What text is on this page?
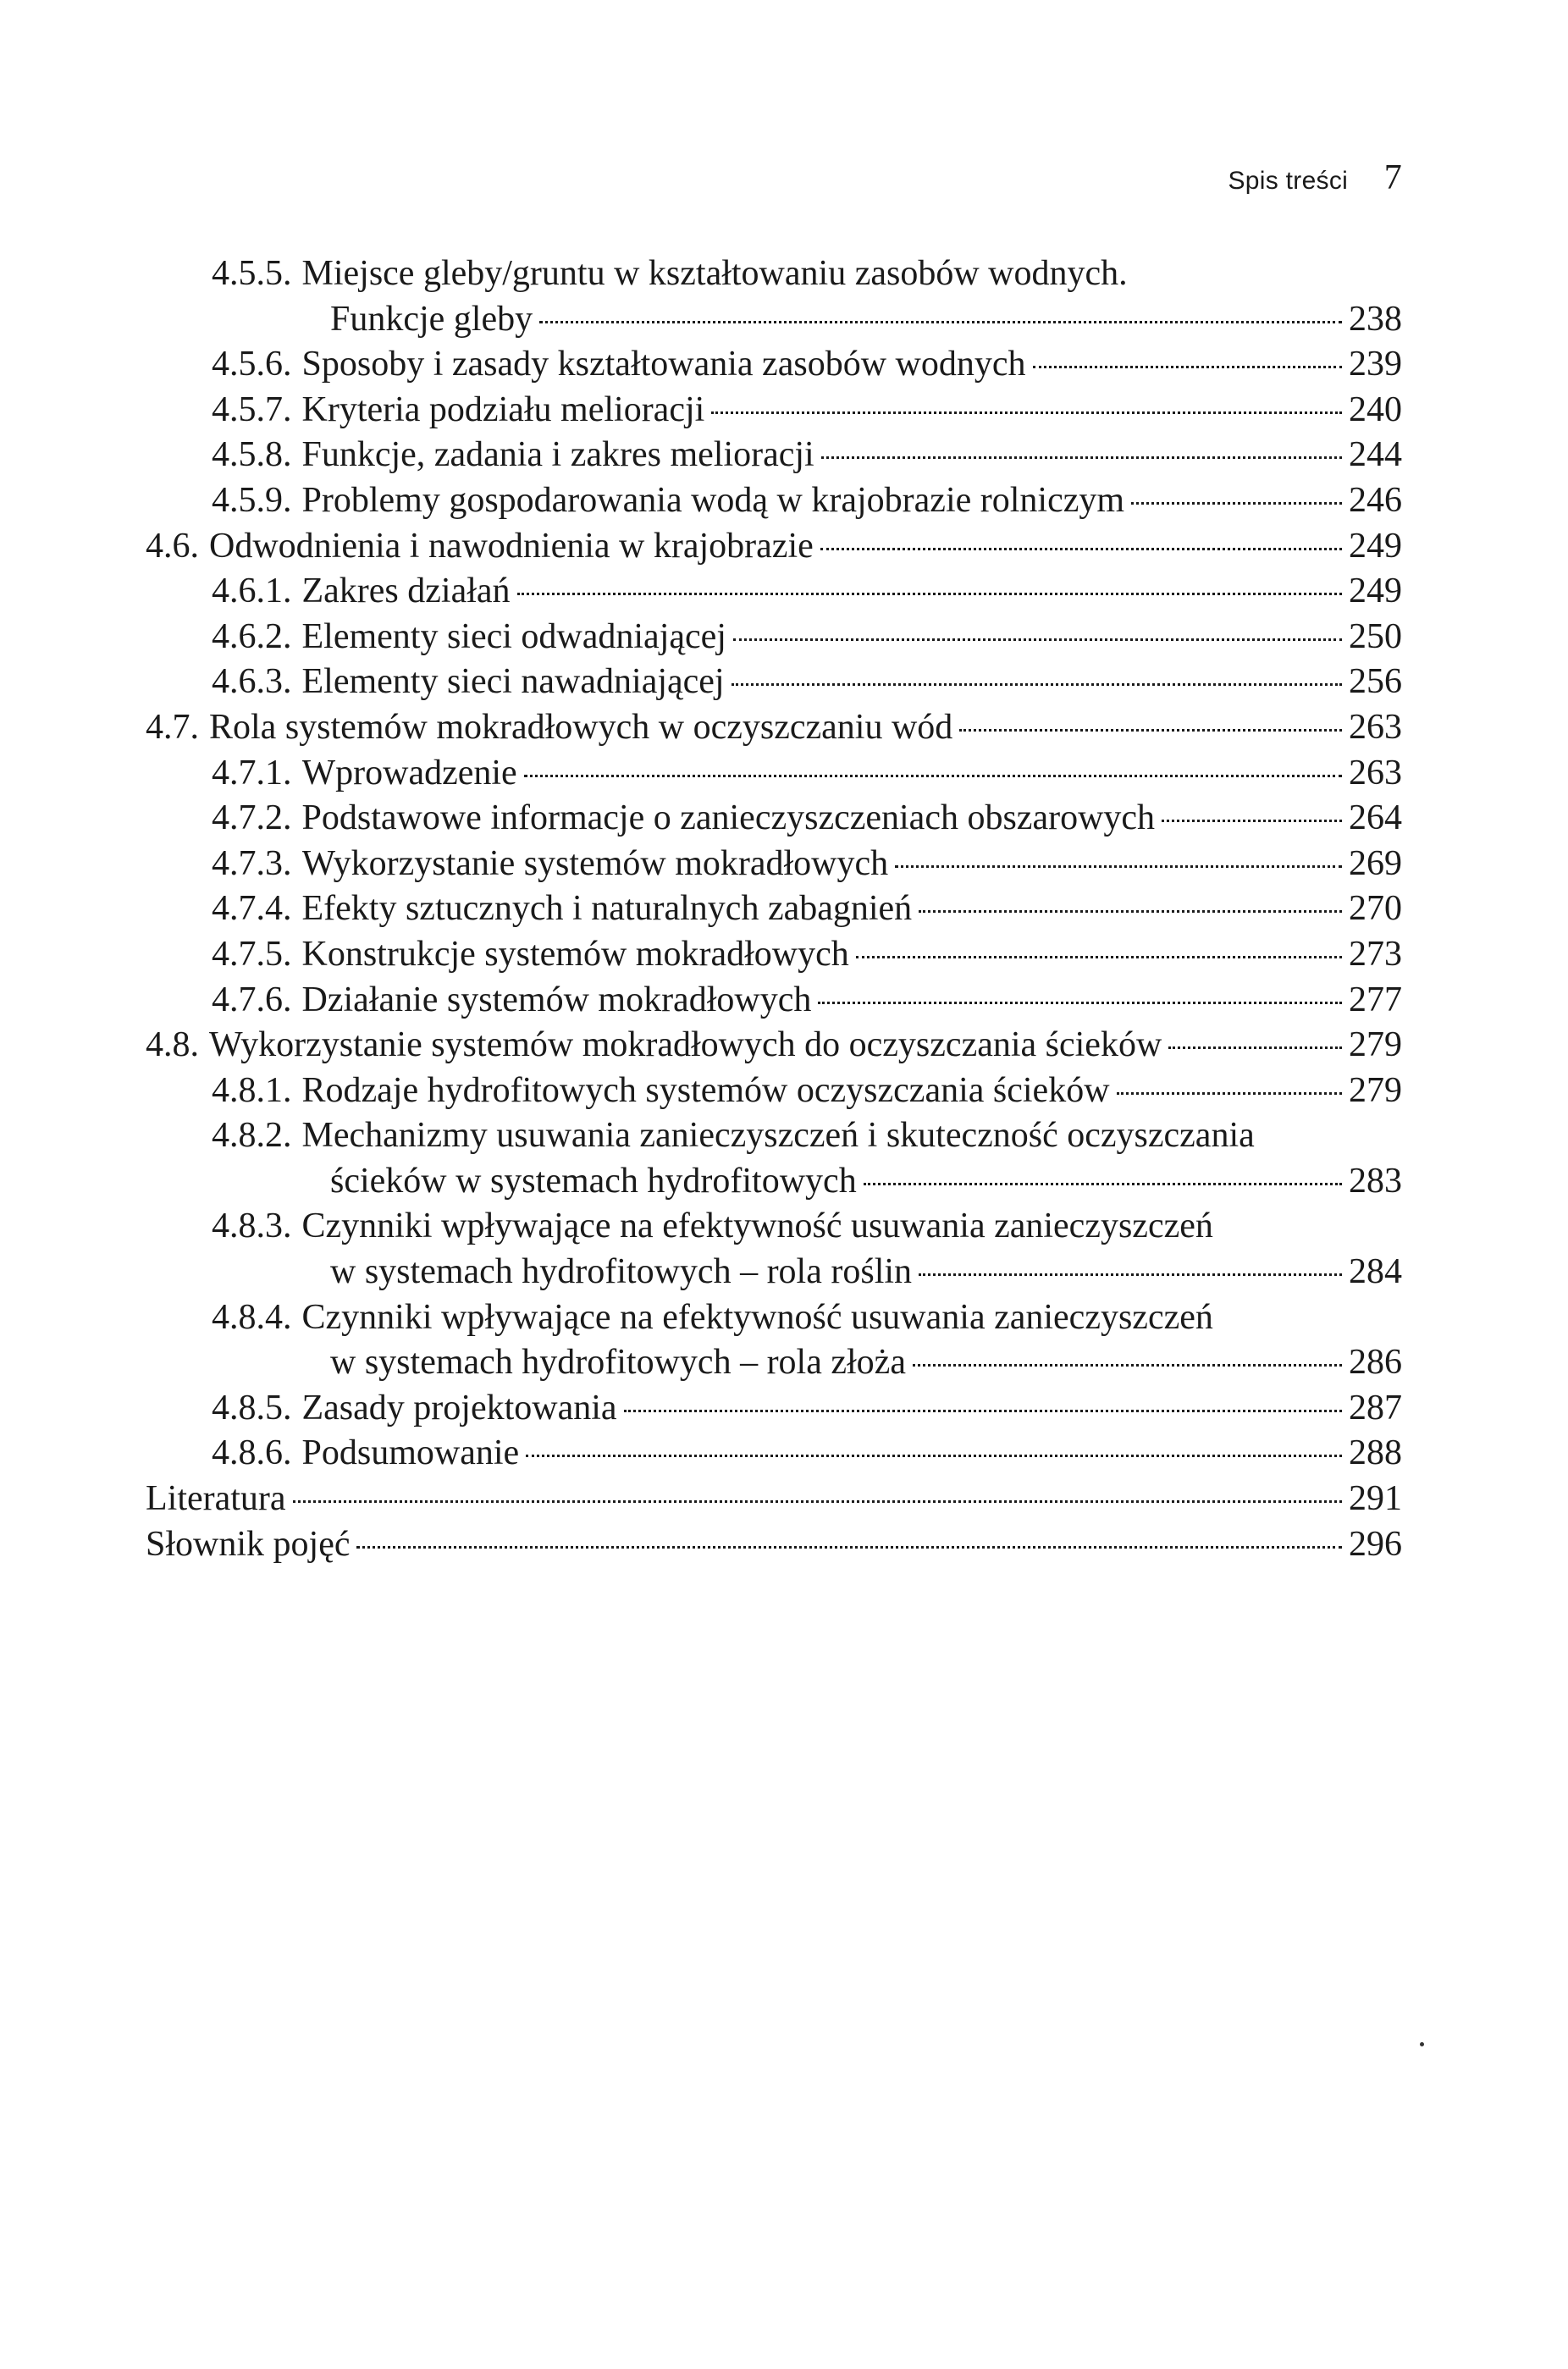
Spis treści 7
4.5.5. Miejsce gleby/gruntu w kształtowaniu zasobów wodnych.
Funkcje gleby	238
4.5.6. Sposoby i zasady kształtowania zasobów wodnych	239
4.5.7. Kryteria podziału melioracji	240
4.5.8. Funkcje, zadania i zakres melioracji	244
4.5.9. Problemy gospodarowania wodą w krajobrazie rolniczym	246
4.6. Odwodnienia i nawodnienia w krajobrazie	249
4.6.1. Zakres działań	249
4.6.2. Elementy sieci odwadniającej	250
4.6.3. Elementy sieci nawadniającej	256
4.7. Rola systemów mokradłowych w oczyszczaniu wód	263
4.7.1. Wprowadzenie	263
4.7.2. Podstawowe informacje o zanieczyszczeniach obszarowych	264
4.7.3. Wykorzystanie systemów mokradłowych	269
4.7.4. Efekty sztucznych i naturalnych zabagnień	270
4.7.5. Konstrukcje systemów mokradłowych	273
4.7.6. Działanie systemów mokradłowych	277
4.8. Wykorzystanie systemów mokradłowych do oczyszczania ścieków	279
4.8.1. Rodzaje hydrofitowych systemów oczyszczania ścieków	279
4.8.2. Mechanizmy usuwania zanieczyszczeń i skuteczność oczyszczania
ścieków w systemach hydrofitowych	283
4.8.3. Czynniki wpływające na efektywność usuwania zanieczyszczeń
w systemach hydrofitowych – rola roślin	284
4.8.4. Czynniki wpływające na efektywność usuwania zanieczyszczeń
w systemach hydrofitowych – rola złoża	286
4.8.5. Zasady projektowania	287
4.8.6. Podsumowanie	288
Literatura	291
Słownik pojęć	296
